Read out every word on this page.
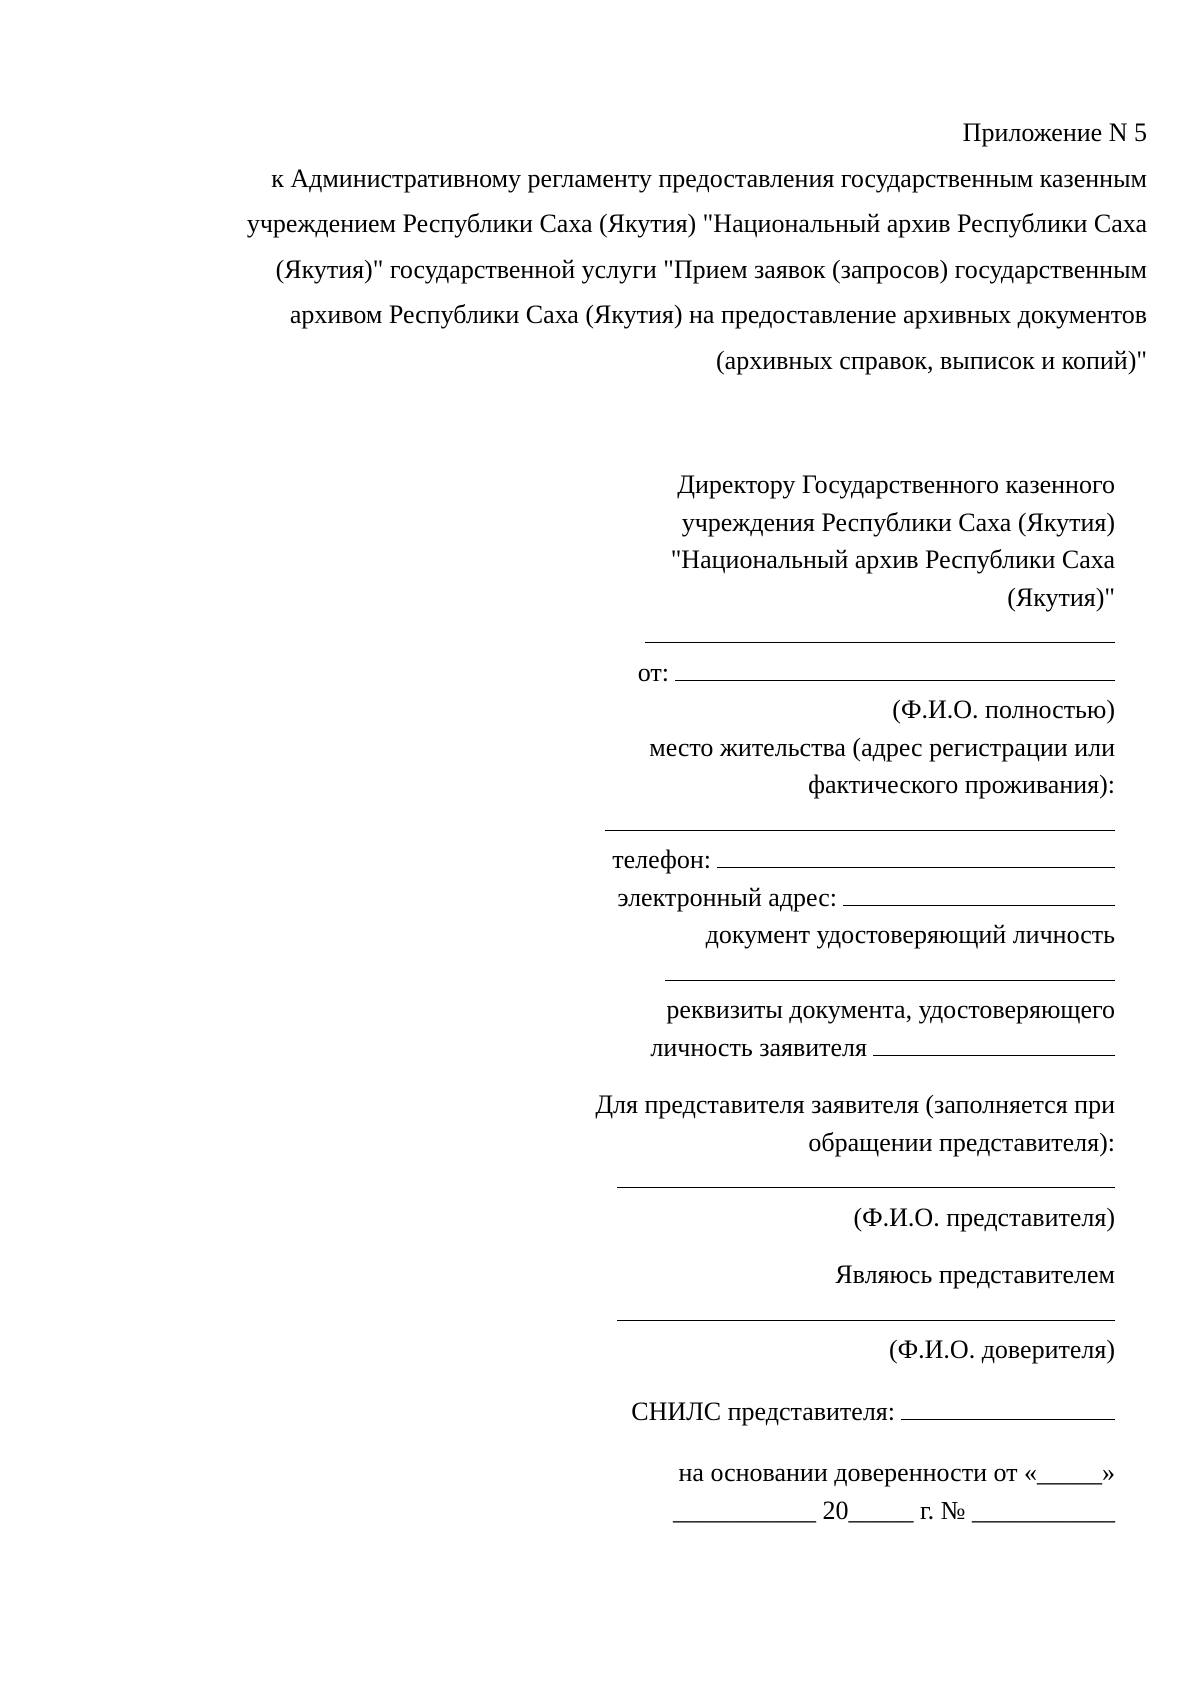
Приложение N 5
к Административному регламенту предоставления государственным казенным
учреждением Республики Саха (Якутия) "Национальный архив Республики Саха
(Якутия)" государственной услуги "Прием заявок (запросов) государственным
архивом Республики Саха (Якутия) на предоставление архивных документов
(архивных справок, выписок и копий)"
Директору Государственного казенного
учреждения Республики Саха (Якутия)
"Национальный архив Республики Саха
(Якутия)"
от:
(Ф.И.О. полностью)
место жительства (адрес регистрации или
фактического проживания):
телефон:
электронный адрес:
документ удостоверяющий личность
реквизиты документа, удостоверяющего
личность заявителя
Для представителя заявителя (заполняется при
обращении представителя):
(Ф.И.О. представителя)
Являюсь представителем
(Ф.И.О. доверителя)
СНИЛС представителя:
на основании доверенности от «_____»
___________ 20_____ г. № ___________
